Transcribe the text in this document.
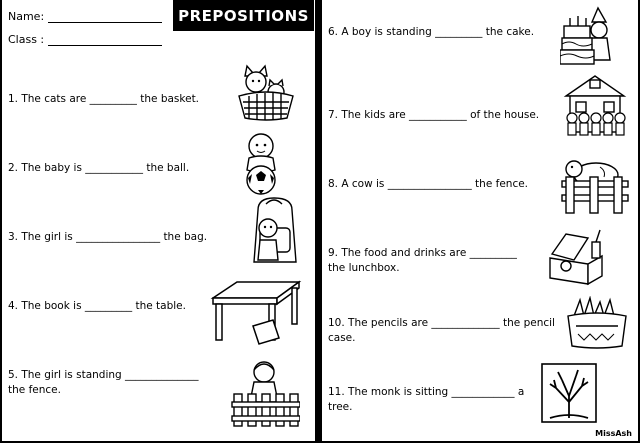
Name:
Class :
PREPOSITIONS
1. The cats are _________ the basket.
2. The baby is ___________ the ball.
3. The girl is ________________ the bag.
4. The book is _________ the table.
5. The girl is standing ______________
the fence.
6. A boy is standing _________ the cake.
7. The kids are ___________ of the house.
8. A cow is ________________ the fence.
9. The food and drinks are _________
the lunchbox.
10. The pencils are _____________ the pencil
case.
11. The monk is sitting ____________ a
tree.
MissAsh
